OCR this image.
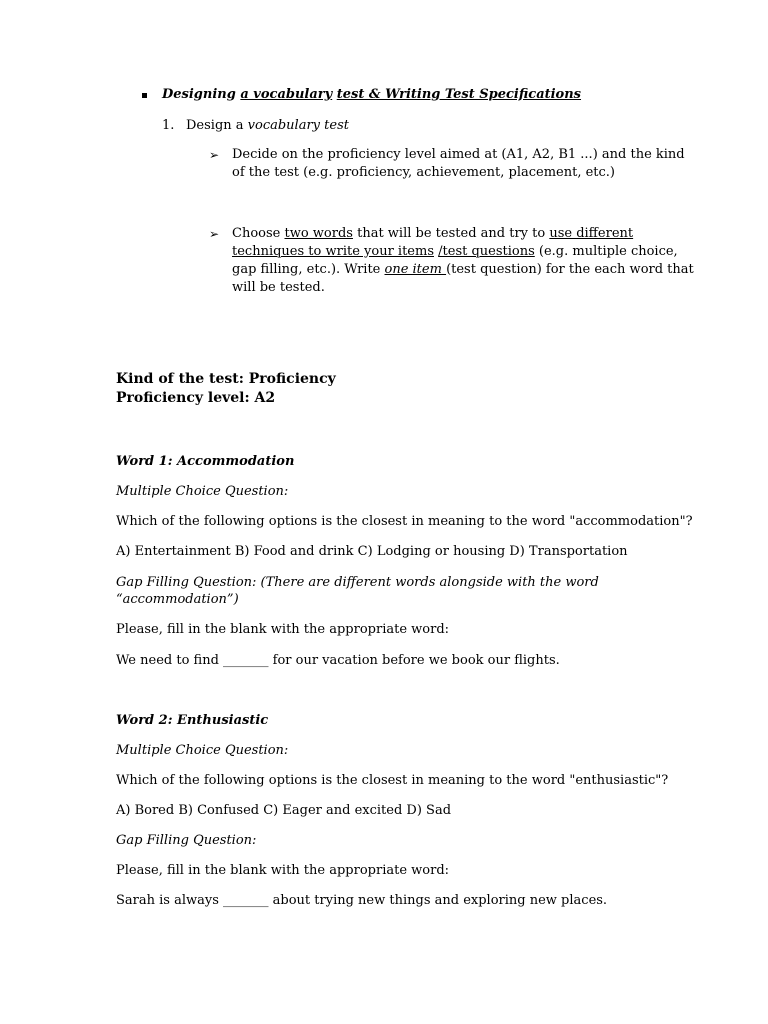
Designing a vocabulary test & Writing Test Specifications
1. Design a vocabulary test
➢ Decide on the proficiency level aimed at (A1, A2, B1 ...) and the kind
of the test (e.g. proficiency, achievement, placement, etc.)
➢ Choose two words that will be tested and try to use different
techniques to write your items /test questions (e.g. multiple choice,
gap filling, etc.). Write one item (test question) for the each word that
will be tested.
Kind of the test: Proficiency
Proficiency level: A2
Word 1: Accommodation
Multiple Choice Question:
Which of the following options is the closest in meaning to the word "accommodation"?
A) Entertainment B) Food and drink C) Lodging or housing D) Transportation
Gap Filling Question: (There are different words alongside with the word
“accommodation”)
Please, fill in the blank with the appropriate word:
We need to find _______ for our vacation before we book our flights.
Word 2: Enthusiastic
Multiple Choice Question:
Which of the following options is the closest in meaning to the word "enthusiastic"?
A) Bored B) Confused C) Eager and excited D) Sad
Gap Filling Question:
Please, fill in the blank with the appropriate word:
Sarah is always _______ about trying new things and exploring new places.
